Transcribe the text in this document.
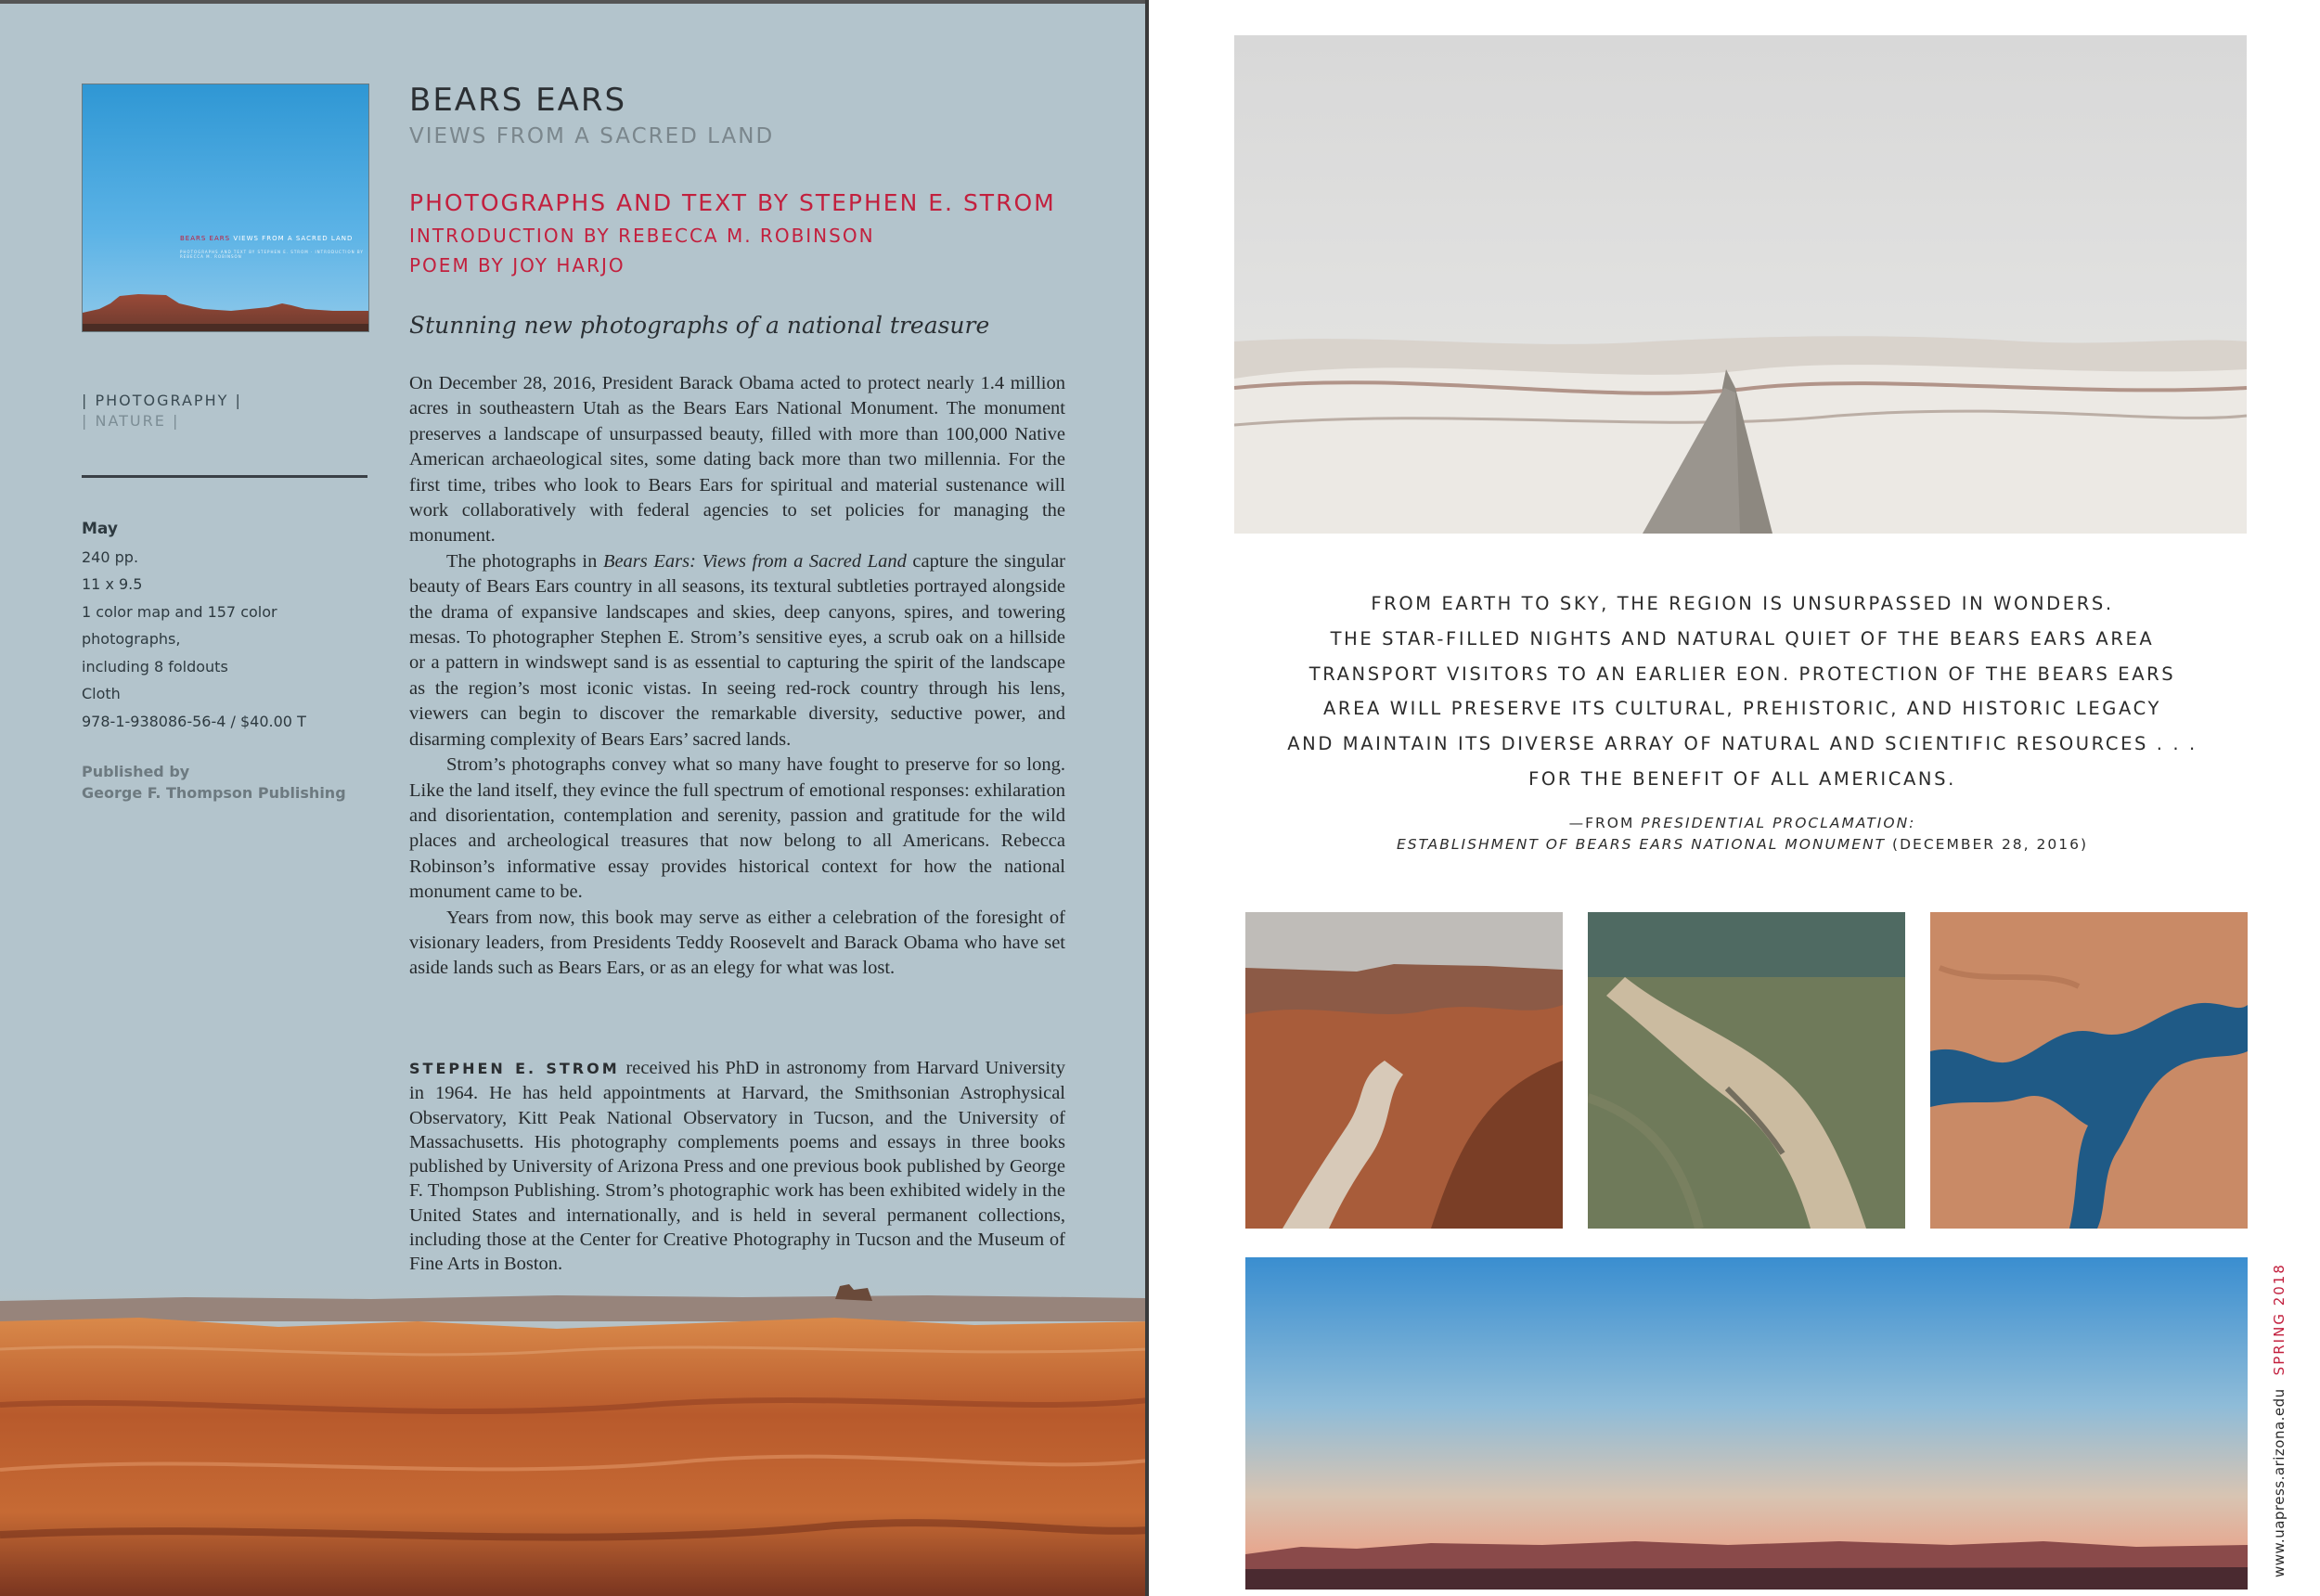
BEARS EARS VIEWS FROM A SACRED LAND
PHOTOGRAPHS AND TEXT BY STEPHEN E. STROM · INTRODUCTION BY REBECCA M. ROBINSON
| PHOTOGRAPHY |
| NATURE |
May
240 pp.
11 x 9.5
1 color map and 157 color photographs,
including 8 foldouts
Cloth
978-1-938086-56-4 / $40.00 T
Published by
George F. Thompson Publishing
BEARS EARS
VIEWS FROM A SACRED LAND
PHOTOGRAPHS AND TEXT BY STEPHEN E. STROM
INTRODUCTION BY REBECCA M. ROBINSON
POEM BY JOY HARJO
Stunning new photographs of a national treasure

On December 28, 2016, President Barack Obama acted to protect nearly 1.4 million acres in southeastern Utah as the Bears Ears National Monument. The monument preserves a landscape of unsurpassed beauty, filled with more than 100,000 Native American archaeological sites, some dating back more than two millennia. For the first time, tribes who look to Bears Ears for spiritual and material sustenance will work collaboratively with federal agencies to set policies for managing the monument.

The photographs in Bears Ears: Views from a Sacred Land capture the singular beauty of Bears Ears country in all seasons, its textural subtleties portrayed alongside the drama of expansive landscapes and skies, deep canyons, spires, and towering mesas. To photographer Stephen E. Strom’s sensitive eyes, a scrub oak on a hillside or a pattern in windswept sand is as essential to capturing the spirit of the landscape as the region’s most iconic vistas. In seeing red-rock country through his lens, viewers can begin to discover the remarkable diversity, seductive power, and disarming complexity of Bears Ears’ sacred lands.

Strom’s photographs convey what so many have fought to preserve for so long. Like the land itself, they evince the full spectrum of emotional responses: exhilaration and disorientation, contemplation and serenity, passion and gratitude for the wild places and archeological treasures that now belong to all Americans. Rebecca Robinson’s informative essay provides historical context for how the national monument came to be.

Years from now, this book may serve as either a celebration of the foresight of visionary leaders, from Presidents Teddy Roosevelt and Barack Obama who have set aside lands such as Bears Ears, or as an elegy for what was lost.

STEPHEN E. STROM received his PhD in astronomy from Harvard University in 1964. He has held appointments at Harvard, the Smithsonian Astrophysical Observatory, Kitt Peak National Observatory in Tucson, and the University of Massachusetts. His photography complements poems and essays in three books published by University of Arizona Press and one previous book published by George F. Thompson Publishing. Strom’s photographic work has been exhibited widely in the United States and internationally, and is held in several permanent collections, including those at the Center for Creative Photography in Tucson and the Museum of Fine Arts in Boston.
FROM EARTH TO SKY, THE REGION IS UNSURPASSED IN WONDERS.
THE STAR-FILLED NIGHTS AND NATURAL QUIET OF THE BEARS EARS AREA
TRANSPORT VISITORS TO AN EARLIER EON. PROTECTION OF THE BEARS EARS
AREA WILL PRESERVE ITS CULTURAL, PREHISTORIC, AND HISTORIC LEGACY
AND MAINTAIN ITS DIVERSE ARRAY OF NATURAL AND SCIENTIFIC RESOURCES . . .
FOR THE BENEFIT OF ALL AMERICANS.
—FROM PRESIDENTIAL PROCLAMATION:
ESTABLISHMENT OF BEARS EARS NATIONAL MONUMENT (DECEMBER 28, 2016)
www.uapress.arizona.eduSPRING 2018
